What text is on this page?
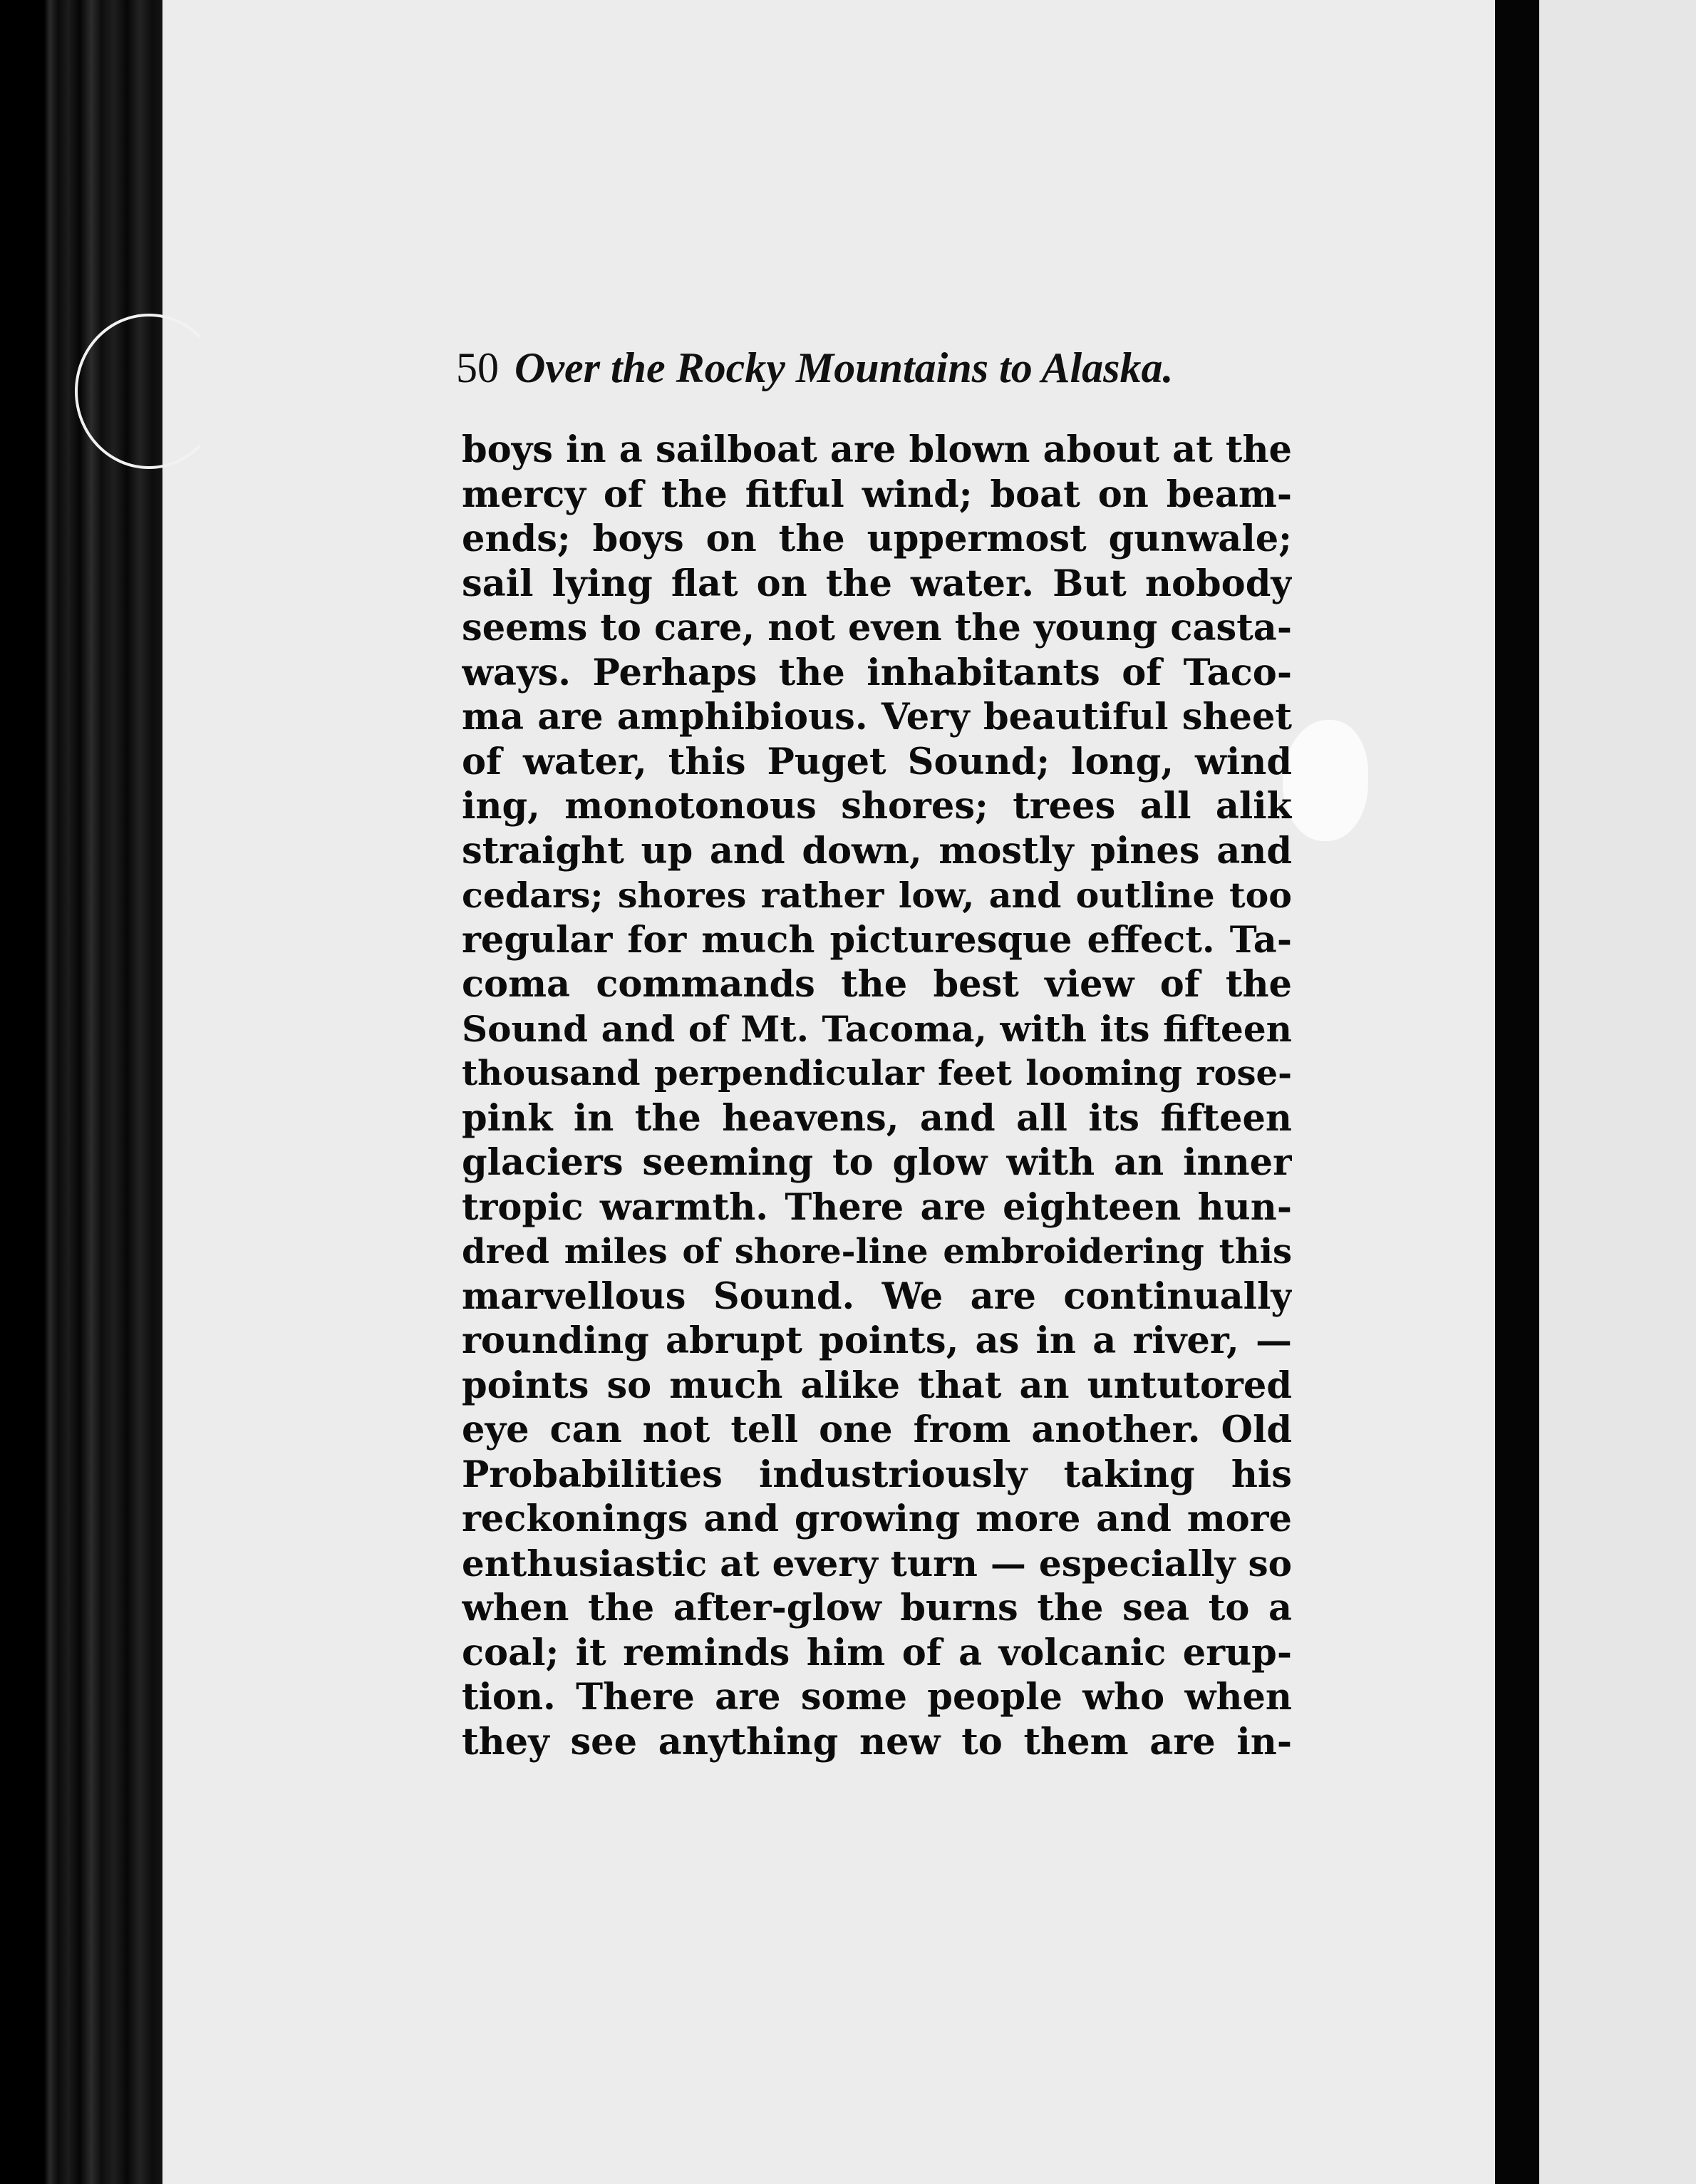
50 Over the Rocky Mountains to Alaska.
boys in a sailboat are blown about at the
mercy of the fitful wind; boat on beam-
ends; boys on the uppermost gunwale;
sail lying flat on the water. But nobody
seems to care, not even the young casta-
ways. Perhaps the inhabitants of Taco-
ma are amphibious. Very beautiful sheet
of water, this Puget Sound; long, wind
ing, monotonous shores; trees all alik
straight up and down, mostly pines and
cedars; shores rather low, and outline too
regular for much picturesque effect. Ta-
coma commands the best view of the
Sound and of Mt. Tacoma, with its fifteen
thousand perpendicular feet looming rose-
pink in the heavens, and all its fifteen
glaciers seeming to glow with an inner
tropic warmth. There are eighteen hun-
dred miles of shore-line embroidering this
marvellous Sound. We are continually
rounding abrupt points, as in a river, —
points so much alike that an untutored
eye can not tell one from another. Old
Probabilities industriously taking his
reckonings and growing more and more
enthusiastic at every turn — especially so
when the after-glow burns the sea to a
coal; it reminds him of a volcanic erup-
tion. There are some people who when
they see anything new to them are in-
